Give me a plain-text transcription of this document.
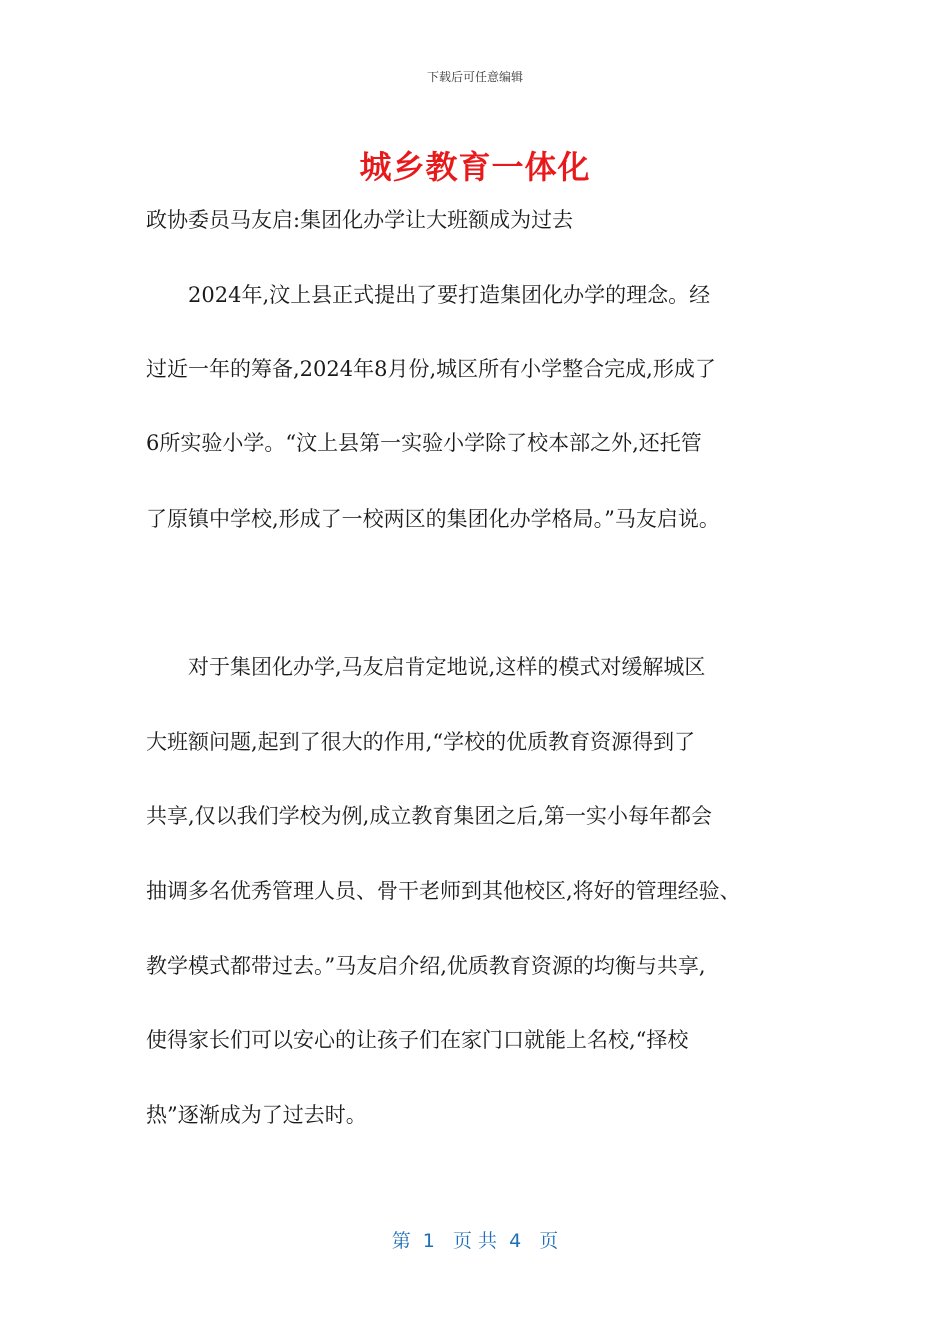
下载后可任意编辑
城乡教育一体化
政协委员马友启:集团化办学让大班额成为过去
　　2024年,汶上县正式提出了要打造集团化办学的理念。经
过近一年的筹备,2024年8月份,城区所有小学整合完成,形成了
6所实验小学。“汶上县第一实验小学除了校本部之外,还托管
了原镇中学校,形成了一校两区的集团化办学格局。”马友启说。
　　对于集团化办学,马友启肯定地说,这样的模式对缓解城区
大班额问题,起到了很大的作用,“学校的优质教育资源得到了
共享,仅以我们学校为例,成立教育集团之后,第一实小每年都会
抽调多名优秀管理人员、骨干老师到其他校区,将好的管理经验、
教学模式都带过去。”马友启介绍,优质教育资源的均衡与共享,
使得家长们可以安心的让孩子们在家门口就能上名校,“择校
热”逐渐成为了过去时。
第  1   页 共  4   页
